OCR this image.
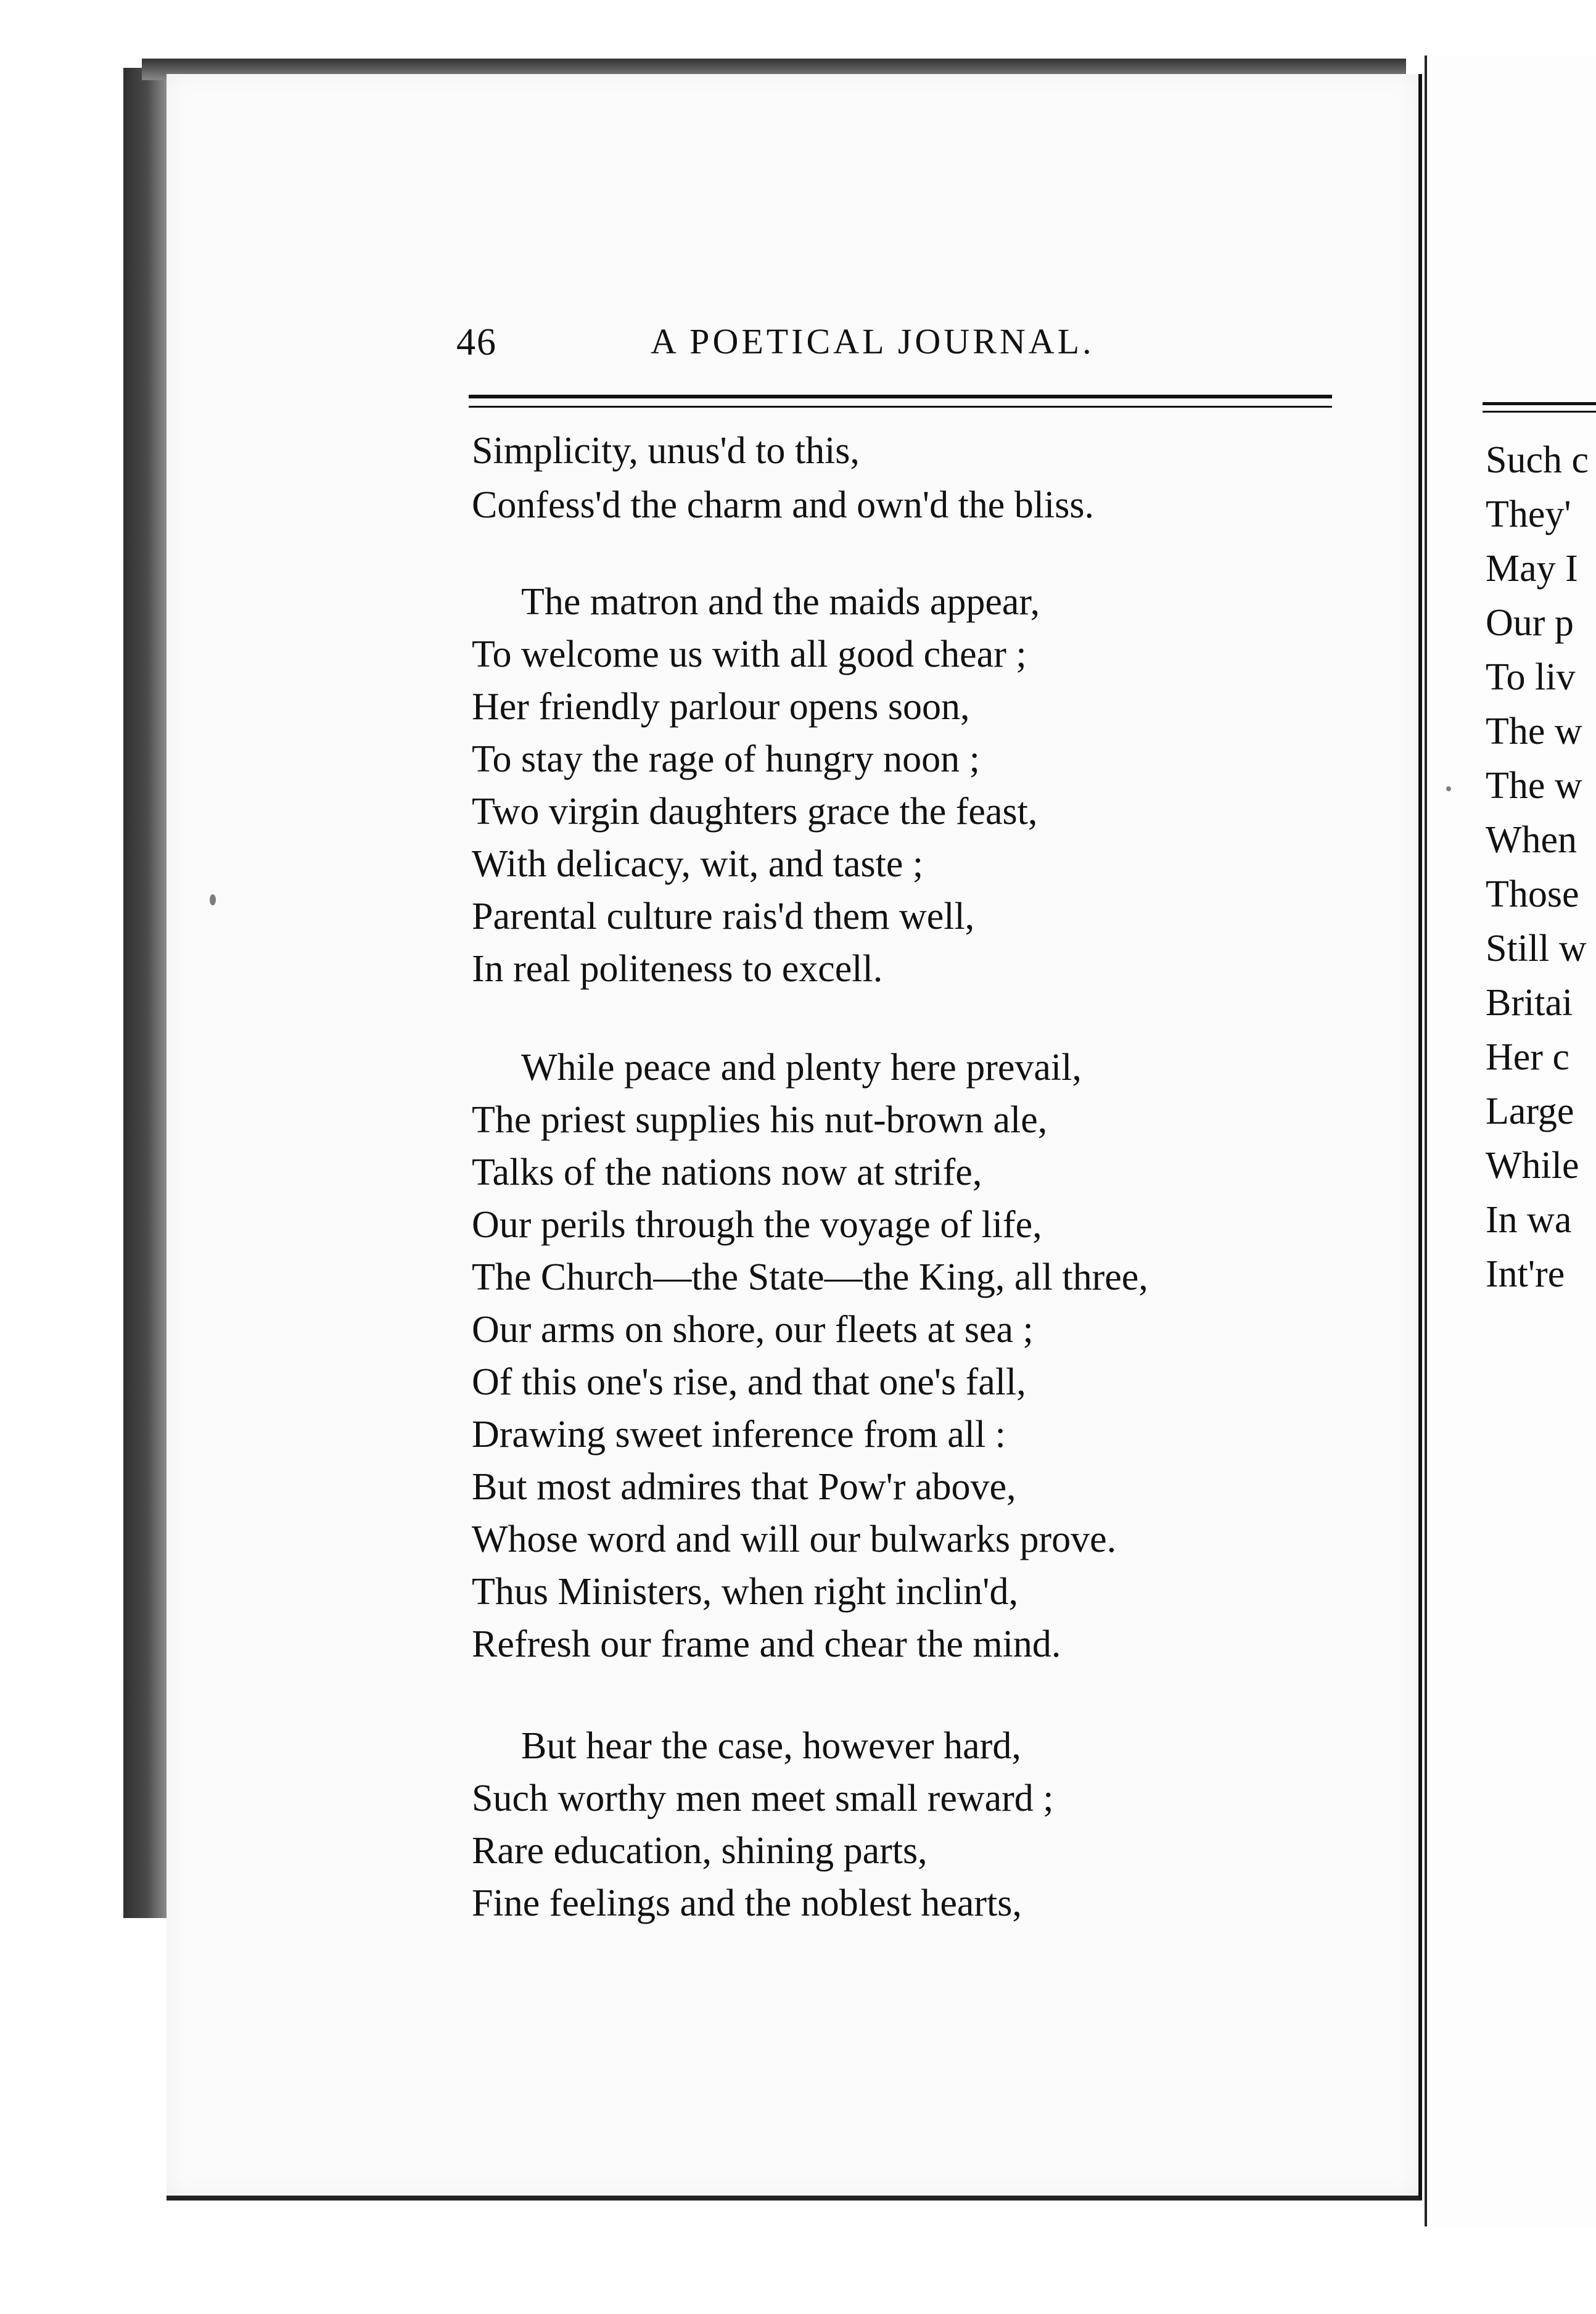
46	A POETICAL JOURNAL.
Simplicity, unus'd to this,
Confess'd the charm and own'd the bliss.
The matron and the maids appear,
To welcome us with all good chear ;
Her friendly parlour opens soon,
To stay the rage of hungry noon ;
Two virgin daughters grace the feast,
With delicacy, wit, and taste ;
Parental culture rais'd them well,
In real politeness to excell.
While peace and plenty here prevail,
The priest supplies his nut-brown ale,
Talks of the nations now at strife,
Our perils through the voyage of life,
The Church—the State—the King, all three,
Our arms on shore, our fleets at sea ;
Of this one's rise, and that one's fall,
Drawing sweet inference from all :
But most admires that Pow'r above,
Whose word and will our bulwarks prove.
Thus Ministers, when right inclin'd,
Refresh our frame and chear the mind.
But hear the case, however hard,
Such worthy men meet small reward ;
Rare education, shining parts,
Fine feelings and the noblest hearts,
Such c
They'
May I
Our p
To liv
The w
The w
When
Those
Still w
Britai
Her c
Large
While
In wa
Int're
